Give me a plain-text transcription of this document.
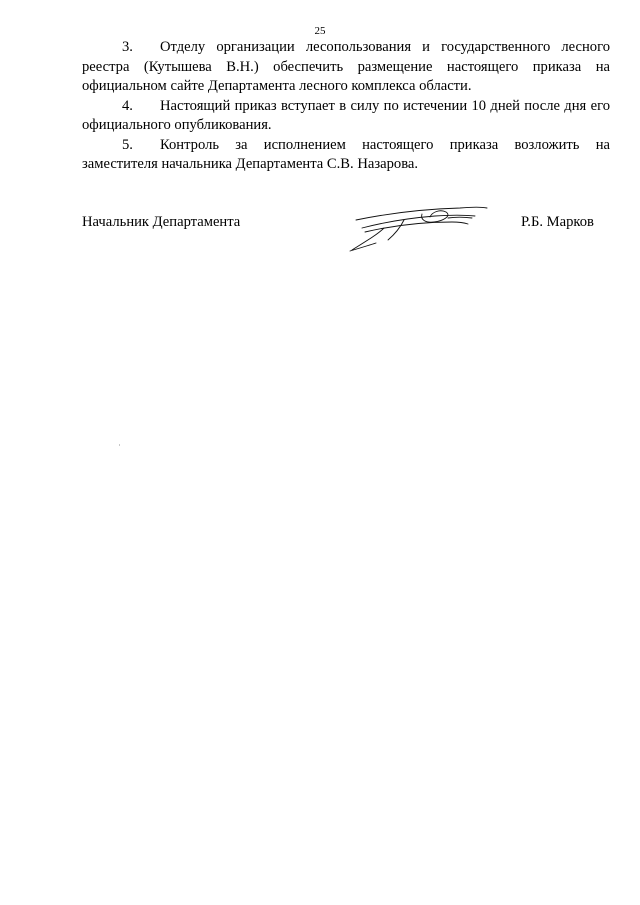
25

3. Отделу организации лесопользования и государственного лесного реестра (Кутышева В.Н.) обеспечить размещение настоящего приказа на официальном сайте Департамента лесного комплекса области.

4. Настоящий приказ вступает в силу по истечении 10 дней после дня его официального опубликования.

5. Контроль за исполнением настоящего приказа возложить на заместителя начальника Департамента С.В. Назарова.

Начальник Департамента	Р.Б. Марков
